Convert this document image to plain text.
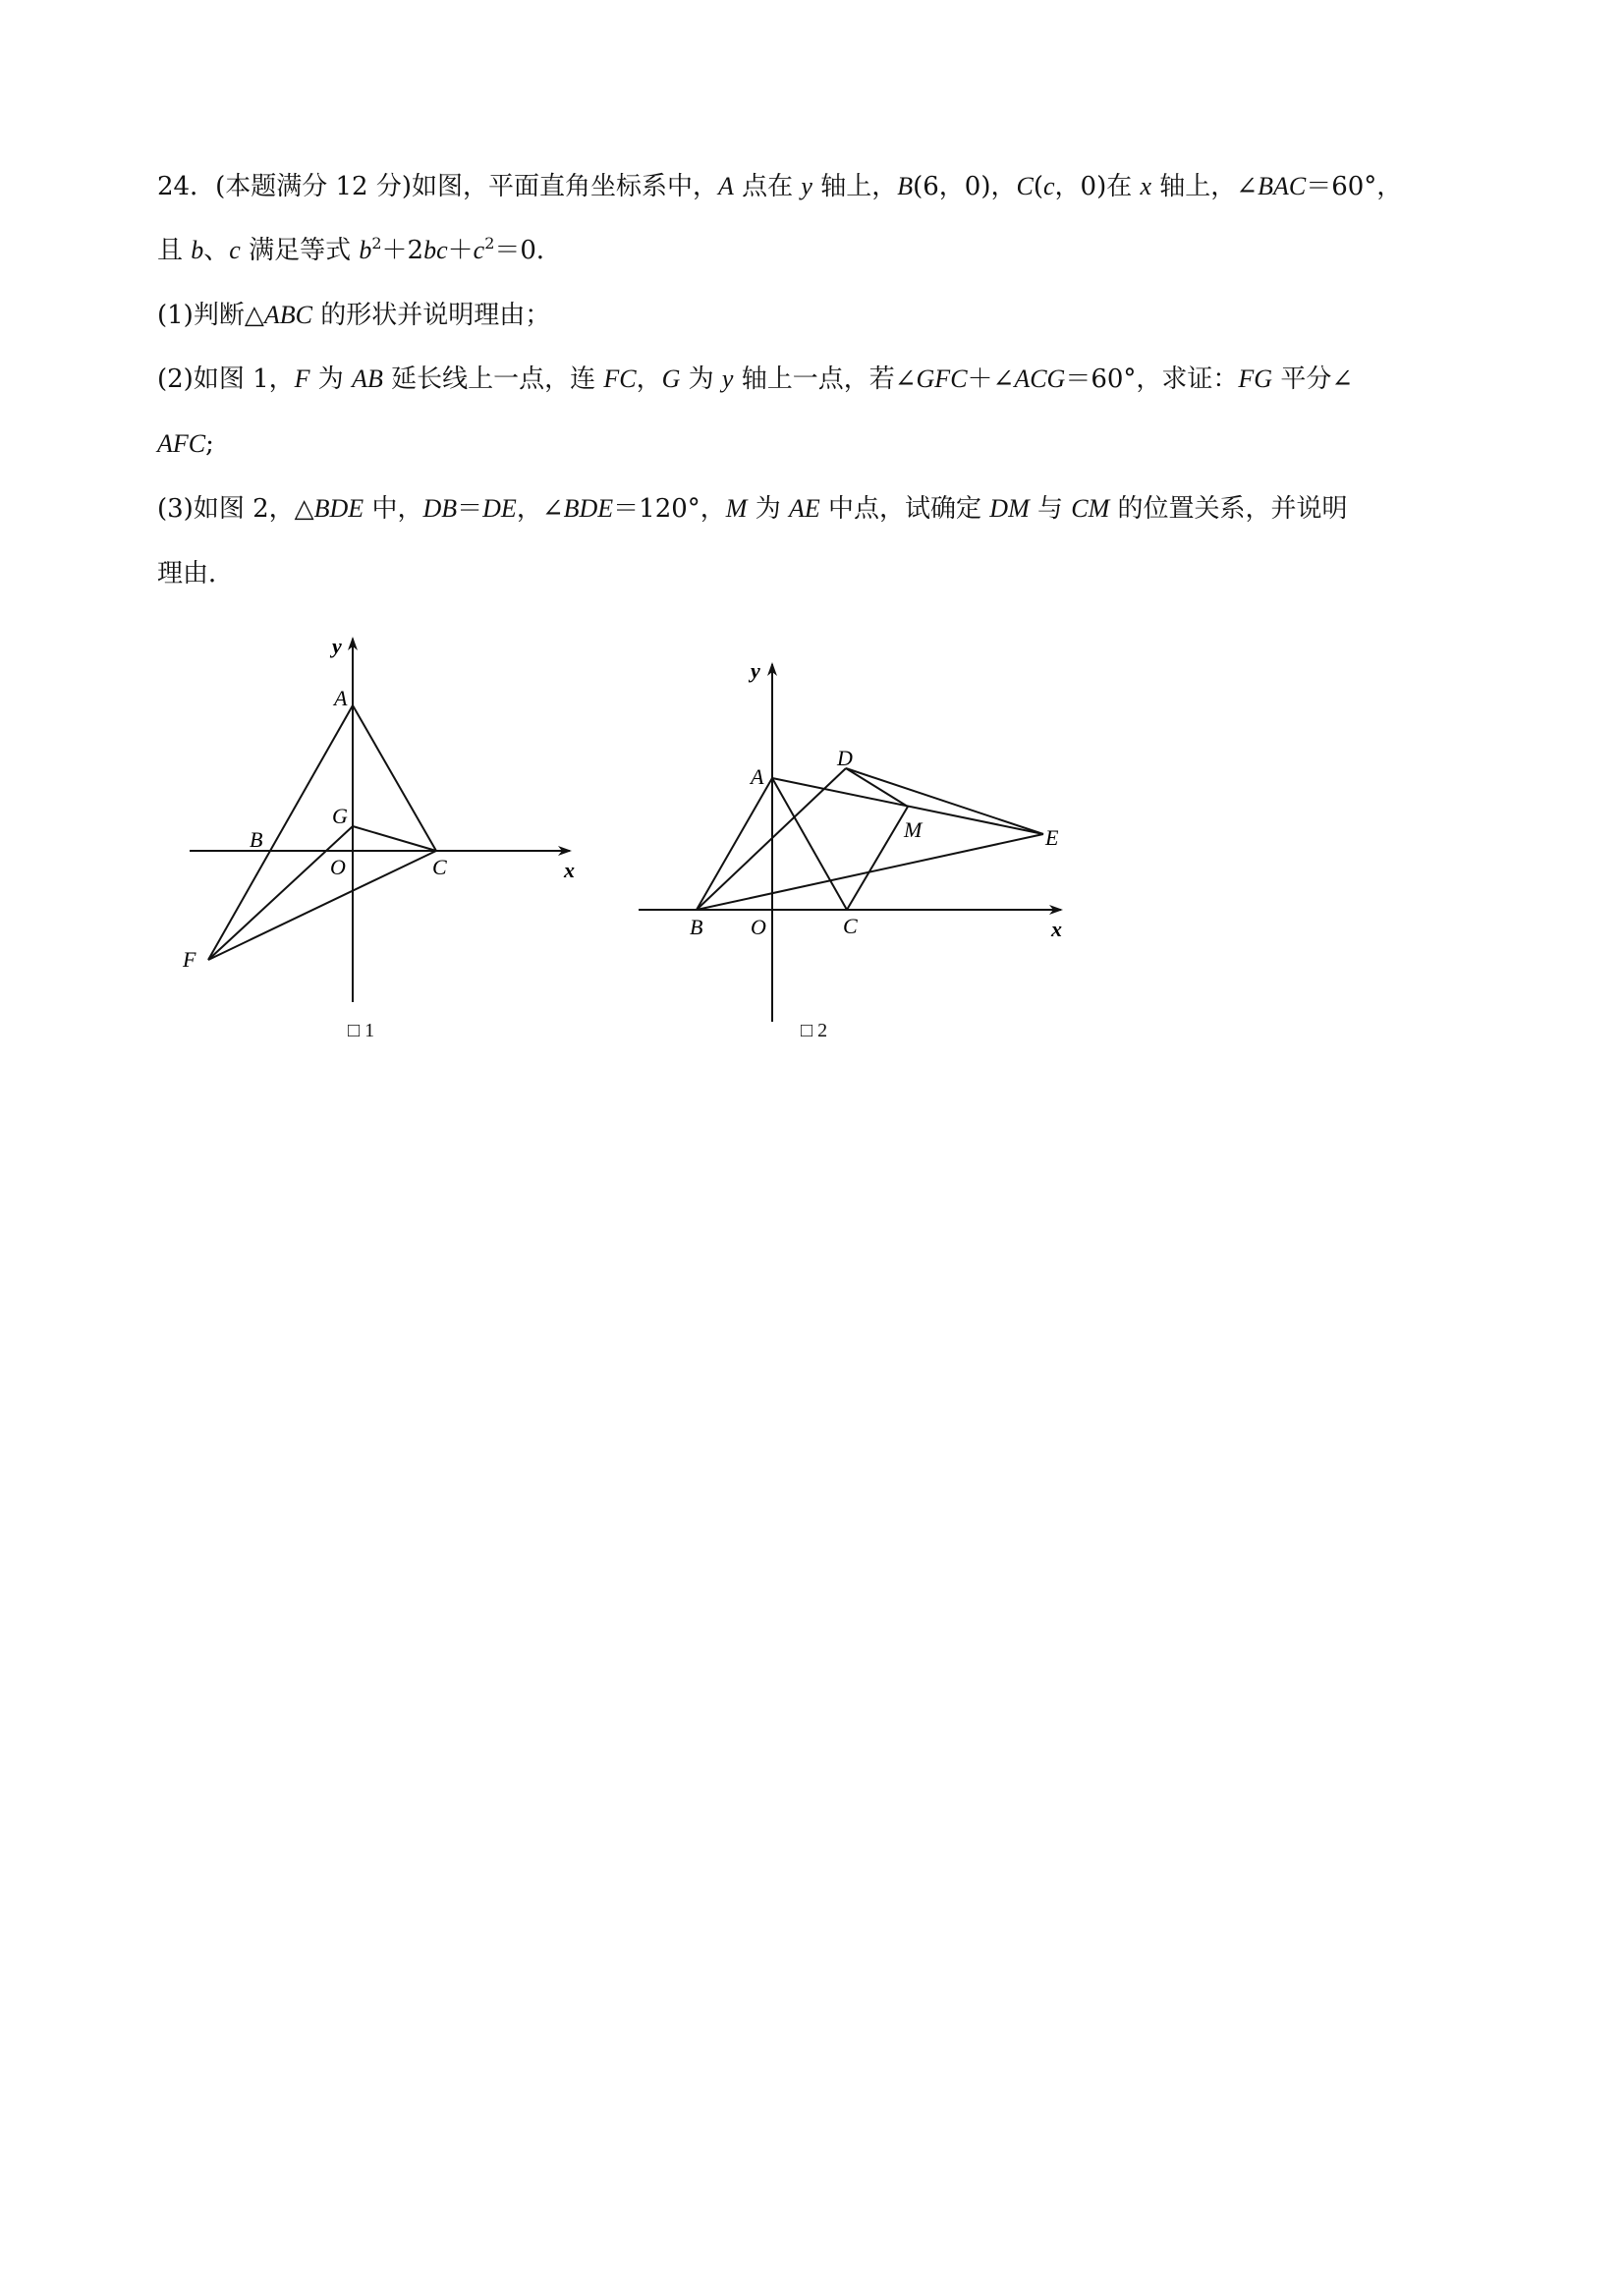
24．(本题满分 12 分)如图，平面直角坐标系中，A 点在 y 轴上，B(6，0)，C(c，0)在 x 轴上，∠BAC＝60°，
且 b、c 满足等式 $b^2+2bc+c^2=0$．
(1)判断△ABC 的形状并说明理由；
(2)如图 1，F 为 AB 延长线上一点，连 FC，G 为 y 轴上一点，若∠GFC＋∠ACG＝60°，求证：FG 平分∠
AFC;
(3)如图 2，△BDE 中，DB＝DE，∠BDE＝120°，M 为 AE 中点，试确定 DM 与 CM 的位置关系，并说明
理由．
y
x
A
B
G
O	C
F
y
x
A
D
M	E
B O	C
□ 1	□ 2
